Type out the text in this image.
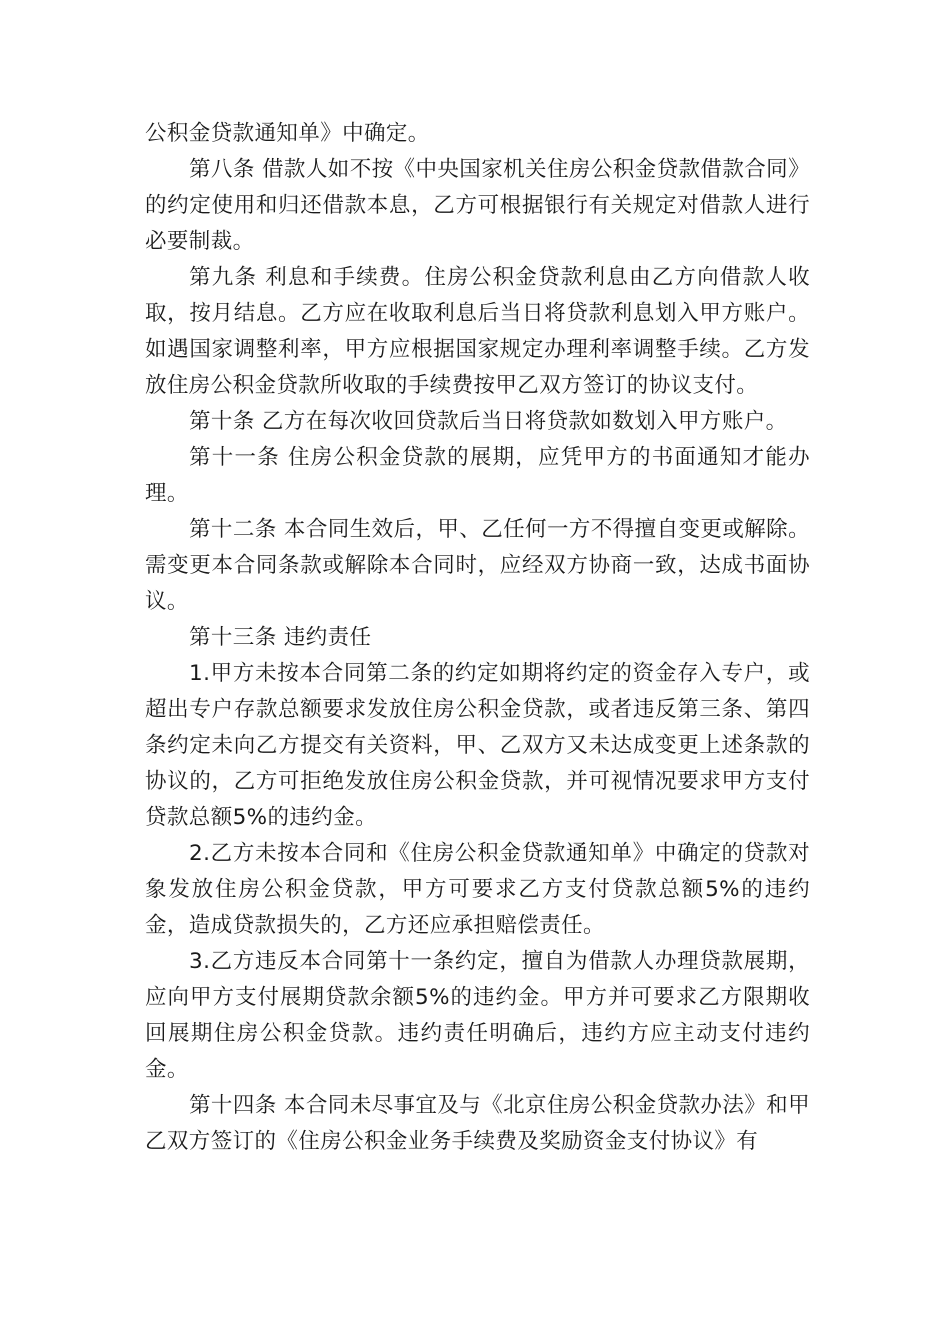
公积金贷款通知单》中确定。

第八条 借款人如不按《中央国家机关住房公积金贷款借款合同》的约定使用和归还借款本息，乙方可根据银行有关规定对借款人进行必要制裁。

第九条 利息和手续费。住房公积金贷款利息由乙方向借款人收取，按月结息。乙方应在收取利息后当日将贷款利息划入甲方账户。如遇国家调整利率，甲方应根据国家规定办理利率调整手续。乙方发放住房公积金贷款所收取的手续费按甲乙双方签订的协议支付。

第十条 乙方在每次收回贷款后当日将贷款如数划入甲方账户。

第十一条 住房公积金贷款的展期，应凭甲方的书面通知才能办理。

第十二条 本合同生效后，甲、乙任何一方不得擅自变更或解除。需变更本合同条款或解除本合同时，应经双方协商一致，达成书面协议。

第十三条 违约责任

1.甲方未按本合同第二条的约定如期将约定的资金存入专户，或超出专户存款总额要求发放住房公积金贷款，或者违反第三条、第四条约定未向乙方提交有关资料，甲、乙双方又未达成变更上述条款的协议的，乙方可拒绝发放住房公积金贷款，并可视情况要求甲方支付贷款总额5%的违约金。

2.乙方未按本合同和《住房公积金贷款通知单》中确定的贷款对象发放住房公积金贷款，甲方可要求乙方支付贷款总额5%的违约金，造成贷款损失的，乙方还应承担赔偿责任。

3.乙方违反本合同第十一条约定，擅自为借款人办理贷款展期，应向甲方支付展期贷款余额5%的违约金。甲方并可要求乙方限期收回展期住房公积金贷款。违约责任明确后，违约方应主动支付违约金。

第十四条 本合同未尽事宜及与《北京住房公积金贷款办法》和甲乙双方签订的《住房公积金业务手续费及奖励资金支付协议》有
